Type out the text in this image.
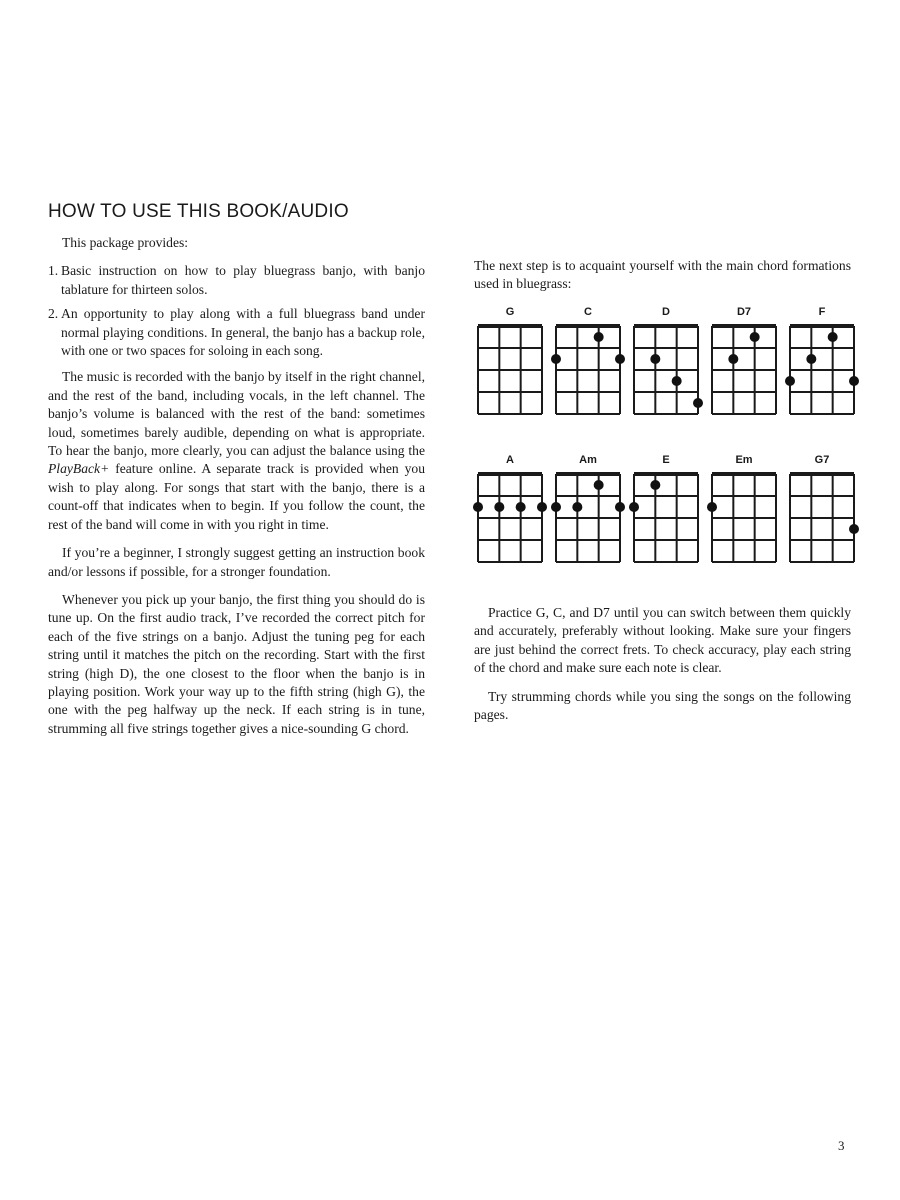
HOW TO USE THIS BOOK/AUDIO

This package provides:

1. Basic instruction on how to play bluegrass banjo, with banjo tablature for thirteen solos.
2. An opportunity to play along with a full bluegrass band under normal playing conditions. In general, the banjo has a backup role, with one or two spaces for soloing in each song.

The music is recorded with the banjo by itself in the right channel, and the rest of the band, including vocals, in the left channel. The banjo’s volume is balanced with the rest of the band: sometimes loud, sometimes barely audible, depending on what is appropriate. To hear the banjo, more clearly, you can adjust the balance using the PlayBack+ feature online. A separate track is provided when you wish to play along. For songs that start with the banjo, there is a count-off that indicates when to begin. If you follow the count, the rest of the band will come in with you right in time.

If you’re a beginner, I strongly suggest getting an instruction book and/or lessons if possible, for a stronger foundation.

Whenever you pick up your banjo, the first thing you should do is tune up. On the first audio track, I’ve recorded the correct pitch for each of the five strings on a banjo. Adjust the tuning peg for each string until it matches the pitch on the recording. Start with the first string (high D), the one closest to the floor when the banjo is in playing position. Work your way up to the fifth string (high G), the one with the peg halfway up the neck. If each string is in tune, strumming all five strings together gives a nice-sounding G chord.

The next step is to acquaint yourself with the main chord formations used in bluegrass:

G	C	D	D7	F
A	Am	E	Em	G7

Practice G, C, and D7 until you can switch between them quickly and accurately, preferably without looking. Make sure your fingers are just behind the correct frets. To check accuracy, play each string of the chord and make sure each note is clear.

Try strumming chords while you sing the songs on the following pages.

3
